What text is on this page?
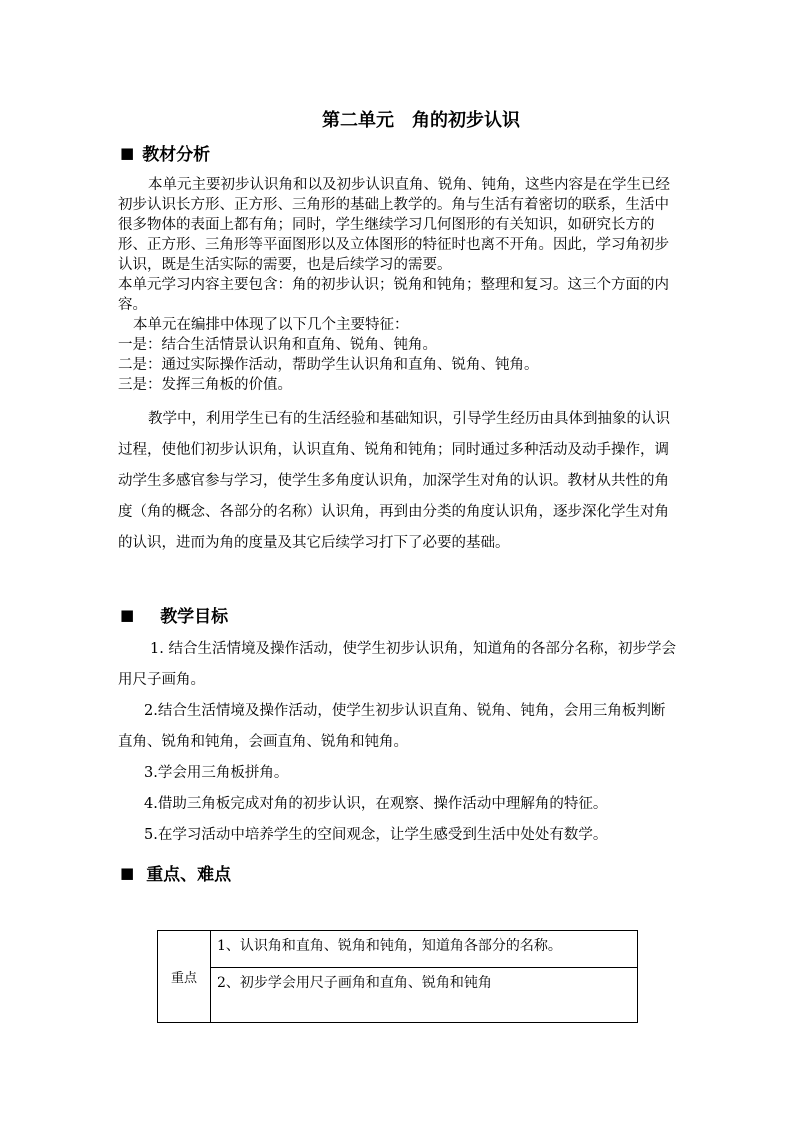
第二单元　角的初步认识
■ 教材分析

本单元主要初步认识角和以及初步认识直角、锐角、钝角，这些内容是在学生已经初步认识长方形、正方形、三角形的基础上教学的。角与生活有着密切的联系，生活中很多物体的表面上都有角；同时，学生继续学习几何图形的有关知识，如研究长方的形、正方形、三角形等平面图形以及立体图形的特征时也离不开角。因此，学习角初步认识，既是生活实际的需要，也是后续学习的需要。

本单元学习内容主要包含：角的初步认识；锐角和钝角；整理和复习。这三个方面的内容。

本单元在编排中体现了以下几个主要特征：

一是：结合生活情景认识角和直角、锐角、钝角。

二是：通过实际操作活动，帮助学生认识角和直角、锐角、钝角。

三是：发挥三角板的价值。

教学中，利用学生已有的生活经验和基础知识，引导学生经历由具体到抽象的认识过程，使他们初步认识角，认识直角、锐角和钝角；同时通过多种活动及动手操作，调动学生多感官参与学习，使学生多角度认识角，加深学生对角的认识。教材从共性的角度（角的概念、各部分的名称）认识角，再到由分类的角度认识角，逐步深化学生对角的认识，进而为角的度量及其它后续学习打下了必要的基础。

■ 教学目标

1. 结合生活情境及操作活动，使学生初步认识角，知道角的各部分名称，初步学会用尺子画角。

2.结合生活情境及操作活动，使学生初步认识直角、锐角、钝角，会用三角板判断直角、锐角和钝角，会画直角、锐角和钝角。

3.学会用三角板拼角。

4.借助三角板完成对角的初步认识，在观察、操作活动中理解角的特征。

5.在学习活动中培养学生的空间观念，让学生感受到生活中处处有数学。

■ 重点、难点
重点	1、认识角和直角、锐角和钝角，知道角各部分的名称。
2、初步学会用尺子画角和直角、锐角和钝角
